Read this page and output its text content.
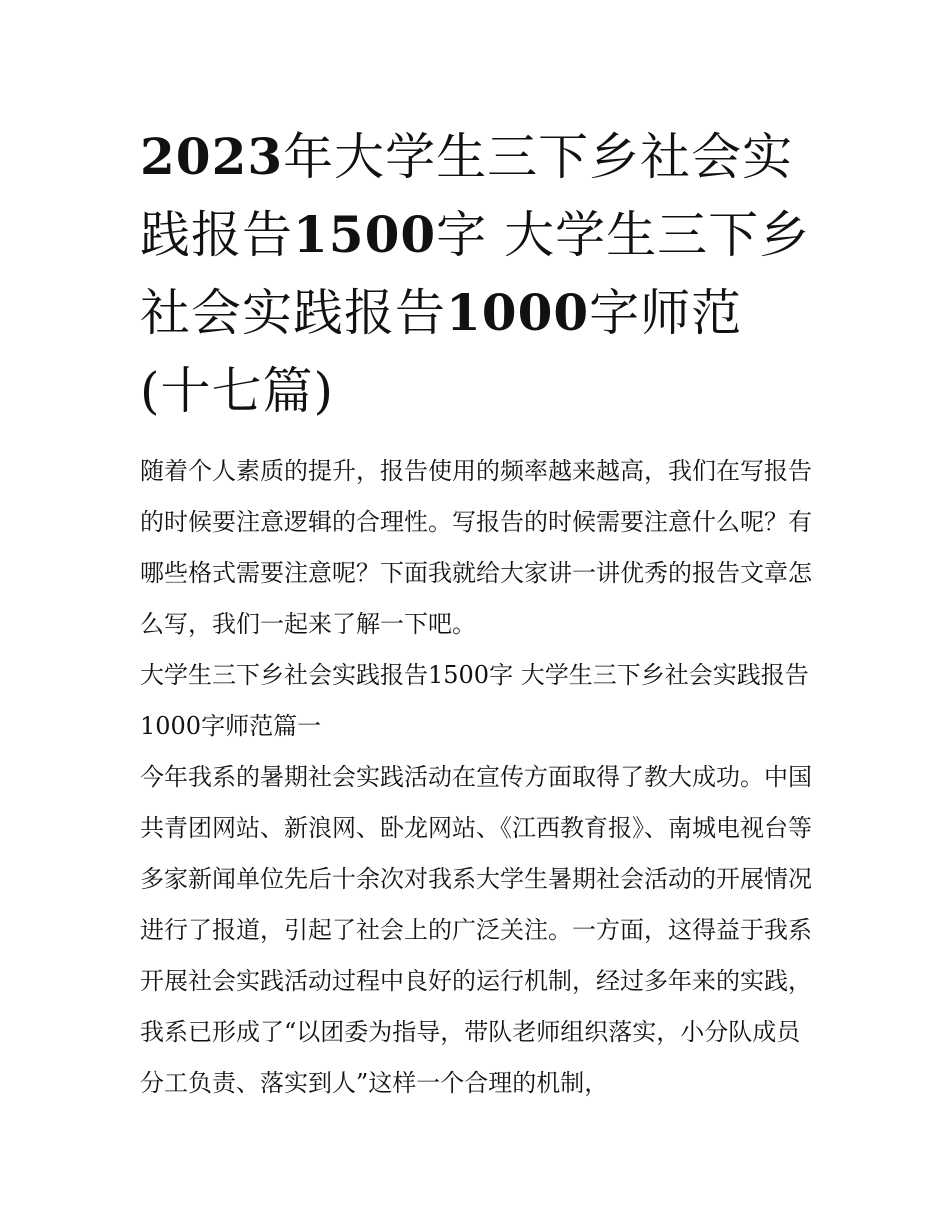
2023年大学生三下乡社会实践报告1500字 大学生三下乡社会实践报告1000字师范(十七篇)

随着个人素质的提升，报告使用的频率越来越高，我们在写报告的时候要注意逻辑的合理性。写报告的时候需要注意什么呢？有哪些格式需要注意呢？下面我就给大家讲一讲优秀的报告文章怎么写，我们一起来了解一下吧。

大学生三下乡社会实践报告1500字 大学生三下乡社会实践报告1000字师范篇一

今年我系的暑期社会实践活动在宣传方面取得了教大成功。中国共青团网站、新浪网、卧龙网站、《江西教育报》、南城电视台等多家新闻单位先后十余次对我系大学生暑期社会活动的开展情况进行了报道，引起了社会上的广泛关注。一方面，这得益于我系开展社会实践活动过程中良好的运行机制，经过多年来的实践，我系已形成了“以团委为指导，带队老师组织落实，小分队成员分工负责、落实到人”这样一个合理的机制，
